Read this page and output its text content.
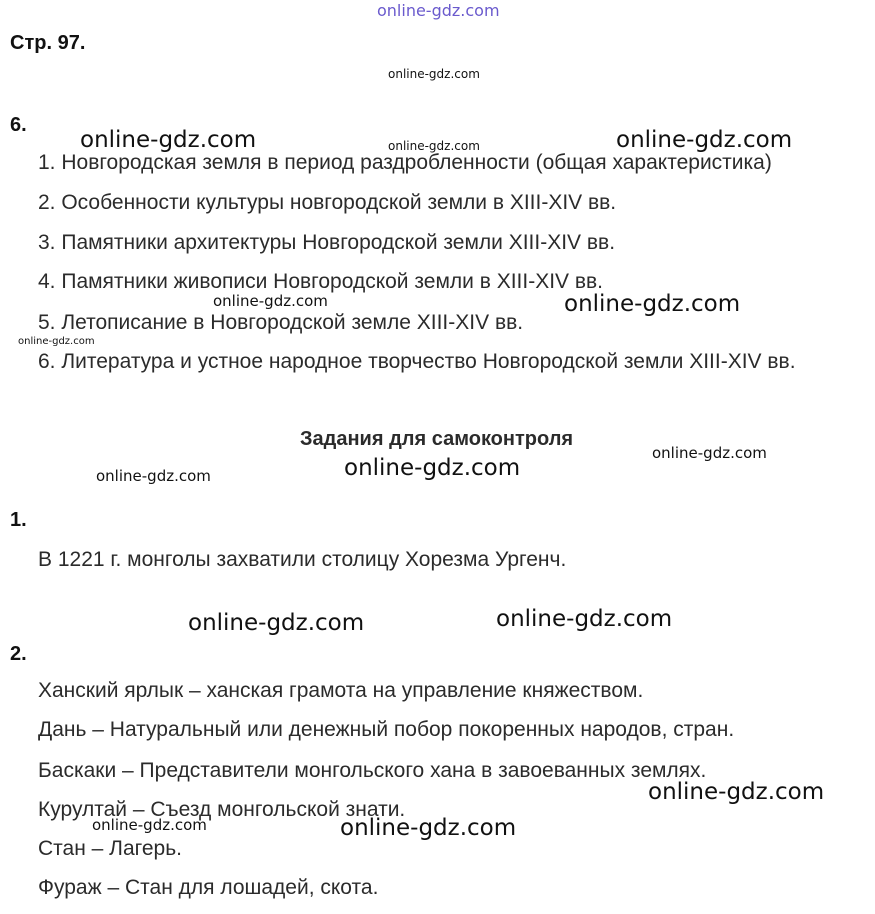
online-gdz.com
online-gdz.com
online-gdz.com	online-gdz.com	online-gdz.com
online-gdz.com	online-gdz.com
online-gdz.com
online-gdz.com
online-gdz.com
online-gdz.com
online-gdz.com	online-gdz.com
online-gdz.com
online-gdz.com	online-gdz.com
Стр. 97.
6.
1. Новгородская земля в период раздробленности (общая характеристика)
2. Особенности культуры новгородской земли в XIII-XIV вв.
3. Памятники архитектуры Новгородской земли XIII-XIV вв.
4. Памятники живописи Новгородской земли в XIII-XIV вв.
5. Летописание в Новгородской земле XIII-XIV вв.
6. Литература и устное народное творчество Новгородской земли XIII-XIV вв.
Задания для самоконтроля
1.
В 1221 г. монголы захватили столицу Хорезма Ургенч.
2.
Ханский ярлык – ханская грамота на управление княжеством.
Дань – Натуральный или денежный побор покоренных народов, стран.
Баскаки – Представители монгольского хана в завоеванных землях.
Курултай – Съезд монгольской знати.
Стан – Лагерь.
Фураж – Стан для лошадей, скота.
